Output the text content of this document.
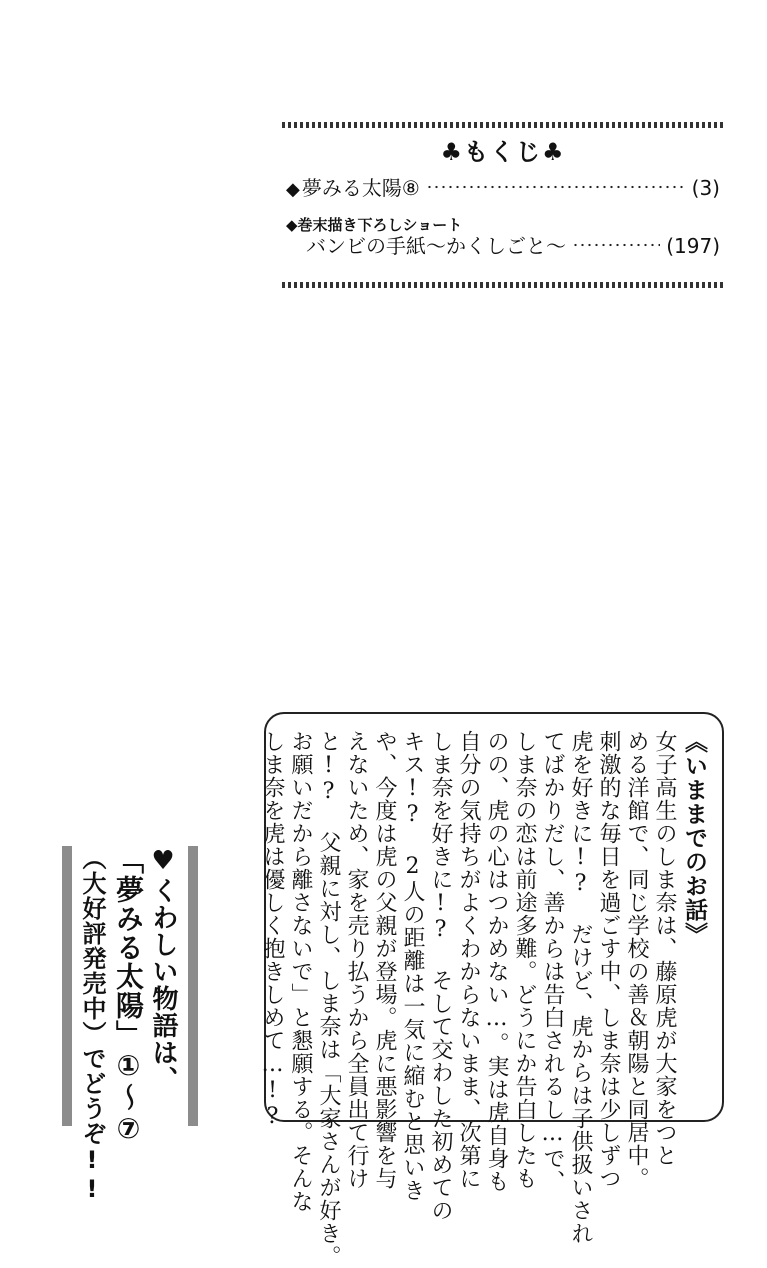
♣もくじ♣
◆ 夢みる太陽⑧	(3)
◆巻末描き下ろしショート
バンビの手紙〜かくしごと〜	(197)
《いままでのお話》
女子高生のしま奈は、藤原虎が大家をつと
める洋館で、同じ学校の善＆朝陽と同居中。
刺激的な毎日を過ごす中、しま奈は少しずつ
虎を好きに!? だけど、虎からは子供扱いされ
てばかりだし、善からは告白されるし…で、
しま奈の恋は前途多難。どうにか告白したも
のの、虎の心はつかめない…。実は虎自身も
自分の気持ちがよくわからないまま、次第に
しま奈を好きに!? そして交わした初めての
キス!? 2人の距離は一気に縮むと思いき
や、今度は虎の父親が登場。虎に悪影響を与
えないため、家を売り払うから全員出て行け
と!? 父親に対し、しま奈は「大家さんが好き。
お願いだから離さないで」と懇願する。そんな
しま奈を虎は優しく抱きしめて…!?
♥くわしい物語は、
「夢みる太陽」①〜⑦
（大好評発売中）でどうぞ!!
